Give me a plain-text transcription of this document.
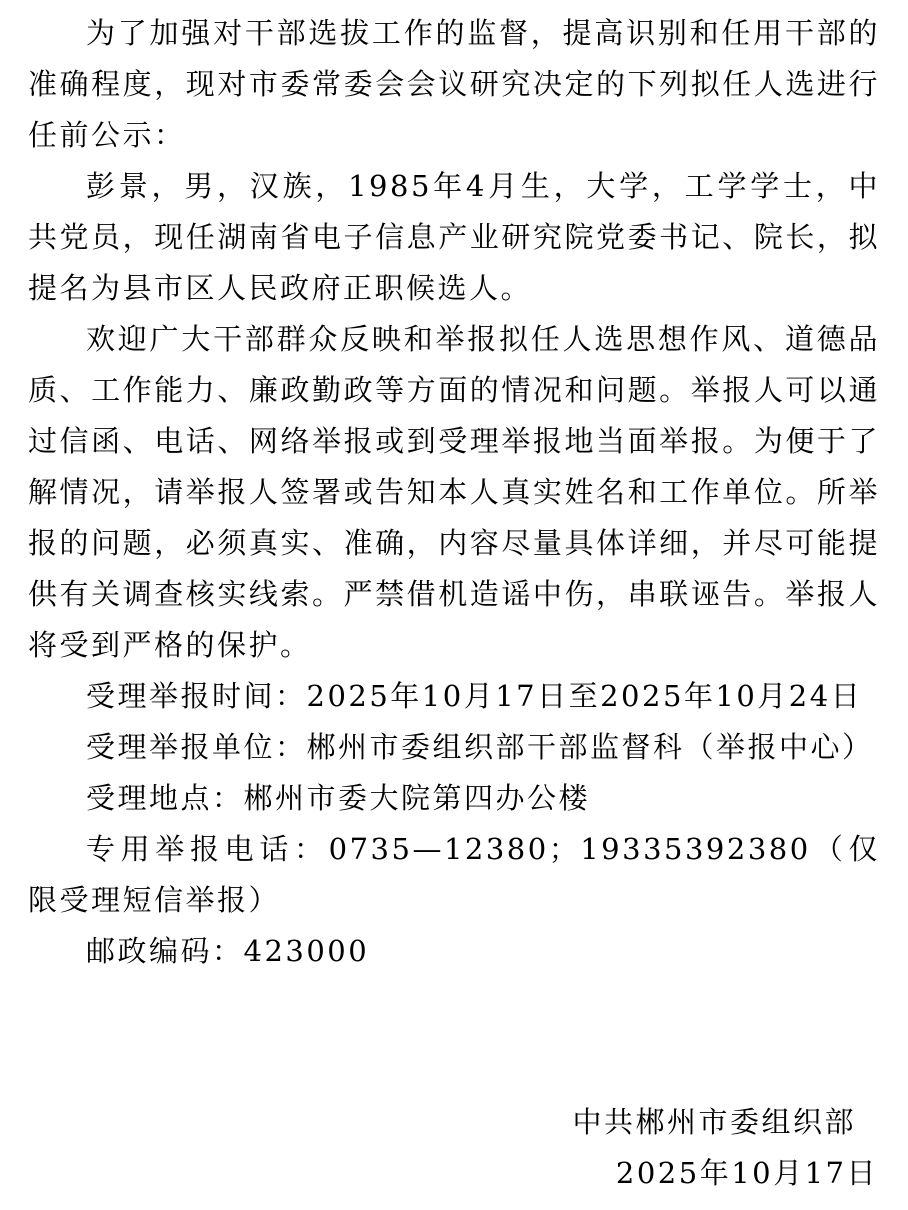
为了加强对干部选拔工作的监督，提高识别和任用干部的准确程度，现对市委常委会会议研究决定的下列拟任人选进行任前公示：

彭景，男，汉族，1985年4月生，大学，工学学士，中共党员，现任湖南省电子信息产业研究院党委书记、院长，拟提名为县市区人民政府正职候选人。

欢迎广大干部群众反映和举报拟任人选思想作风、道德品质、工作能力、廉政勤政等方面的情况和问题。举报人可以通过信函、电话、网络举报或到受理举报地当面举报。为便于了解情况，请举报人签署或告知本人真实姓名和工作单位。所举报的问题，必须真实、准确，内容尽量具体详细，并尽可能提供有关调查核实线索。严禁借机造谣中伤，串联诬告。举报人将受到严格的保护。

受理举报时间：2025年10月17日至2025年10月24日

受理举报单位：郴州市委组织部干部监督科（举报中心）

受理地点：郴州市委大院第四办公楼

专用举报电话：0735—12380；19335392380（仅限受理短信举报）

邮政编码：423000

中共郴州市委组织部
2025年10月17日
